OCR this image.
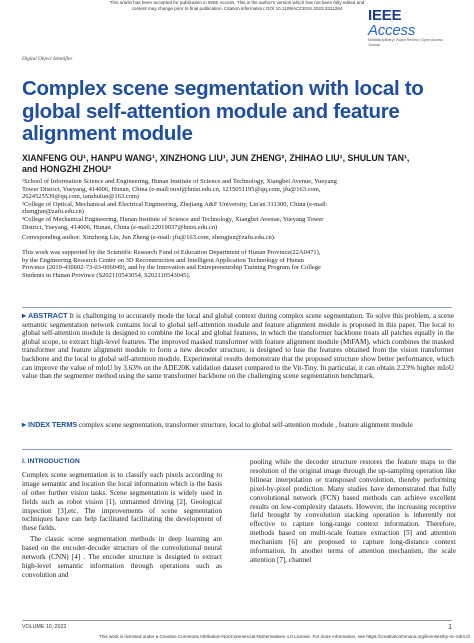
This article has been accepted for publication in IEEE Access. This is the author's version which has not been fully edited and
content may change prior to final publication. Citation information: DOI 10.1109/ACCESS.2023.3311264	IEEE Access
Multidisciplinary | Rapid Review | Open Access Journal
Digital Object Identifier
Complex scene segmentation with local to global self-attention module and feature alignment module
XIANFENG OU¹, HANPU WANG¹, XINZHONG LIU¹, JUN ZHENG², ZHIHAO LIU¹, SHULUN TAN¹,
and HONGZHI ZHOU³
¹School of Information Science and Engineering, Hunan Institute of Science and Technology, Xiangbei Avenue, Yueyang
Tower District, Yueyang, 414006, Hunan, China (e-mail:ouxf@hnist.edu.cn, 1215051195@qq.com, jfu@163.com,
2624525539@qq.com, tanshulun@163.com)
²College of Optical, Mechanical and Electrical Engineering, Zhejiang A&F University, Lin'an 311300, China (e-mail:
zhengjun@zafu.edu.cn)
³College of Mechanical Engineering, Hunan Institute of Science and Technology, Xiangbei Avenue, Yueyang Tower
District, Yueyang, 414006, Hunan, China (e-mail:22019037@hnist.edu.cn)
Corresponding author: Xinzhong Liu, Jun Zheng (e-mail: jfu@163.com, zhengjun@zafu.edu.cn).
This work was supported by the Scientific Research Fund of Education Department of Hunan Province(22A0471),
by the Engineering Research Center on 3D Reconstruction and Intelligent Application Technology of Hunan
Province (2019-430602-73-03-006049), and by the Innovation and Entrepreneurship Training Program for College
Students in Hunan Province (S202110543054, S202110543045).
▸ ABSTRACT It is challenging to accurately mode the local and global context during complex scene segmentation. To solve this problem, a scene semantic segmentation network contains local to global self-attention module and feature alignment module is proposed in this paper. The local to global self-attention module is designed to combine the local and global features, in which the transformer backbone treats all patches equally in the global scope, to extract high-level features. The improved masked transformer with feature alignment module (MtFAM), which combines the masked transformer and feature alignment module to form a new decoder structure, is designed to fuse the features obtained from the vision transformer backbone and the local to global self-attention module. Experimental results demonstrate that the proposed structure show better performance, which can improve the value of mIoU by 3.63% on the ADE20K validation dataset compared to the Vit-Tiny. In particular, it can obtain 2.23% higher mIoU value than the segmenter method using the same transformer backbone on the challenging scene segmentation benchmark.
▸ INDEX TERMS complex scene segmentation, transformer structure, local to global self-attention module , feature alignment module
I. INTRODUCTION

Complex scene segmentation is to classify each pixels according to image semantic and location the local information which is the basis of other further vision tasks. Scene segmentation is widely used in fields such as robot vision [1], unmanned driving [2], Geological inspection [3],etc. The improvements of scene segmentation techniques have can help facilitated facilitating the development of these fields.

The classic scene segmentation methods in deep learning are based on the encoder-decoder structure of the convolutional neural network (CNN) [4] . The encoder structure is designed to extract high-level semantic information through operations such as convolution and

pooling while the decoder structure restores the feature maps to the resolution of the original image through the up-sampling operation like bilinear interpolation or transposed convolution, thereby performing pixel-by-pixel prediction. Many studies have demonstrated that fully convolutional network (FCN) based methods can achieve excellent results on low-complexity datasets. However, the increasing receptive field brought by convolution stacking operation is inherently not effective to capture long-range context information. Therefore, methods based on multi-scale feature extraction [5] and attention mechanism [6] are proposed to capture long-distance context information. In another terms of attention mechanism, the scale attention [7], channel

VOLUME 10, 2022	1
This work is licensed under a Creative Commons Attribution-NonCommercial-NoDerivatives 4.0 License. For more information, see https://creativecommons.org/licenses/by-nc-nd/4.0/
